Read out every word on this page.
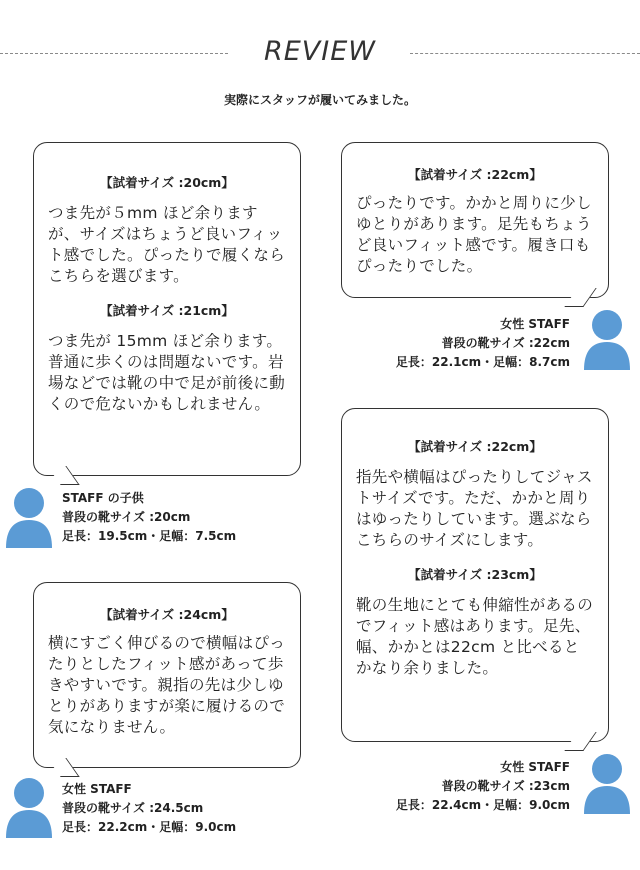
REVIEW
実際にスタッフが履いてみました。

【試着サイズ :20cm】

つま先が５mm ほど余りますが、サイズはちょうど良いフィット感でした。ぴったりで履くならこちらを選びます。

【試着サイズ :21cm】

つま先が 15mm ほど余ります。普通に歩くのは問題ないです。岩場などでは靴の中で足が前後に動くので危ないかもしれません。

STAFF の子供
普段の靴サイズ :20cm
足長：19.5cm・足幅：7.5cm

【試着サイズ :22cm】

ぴったりです。かかと周りに少しゆとりがあります。足先もちょうど良いフィット感です。履き口もぴったりでした。

女性 STAFF
普段の靴サイズ :22cm
足長：22.1cm・足幅：8.7cm

【試着サイズ :22cm】

指先や横幅はぴったりしてジャストサイズです。ただ、かかと周りはゆったりしています。選ぶならこちらのサイズにします。

【試着サイズ :23cm】

靴の生地にとても伸縮性があるのでフィット感はあります。足先、幅、かかとは22cm と比べるとかなり余りました。

女性 STAFF
普段の靴サイズ :23cm
足長：22.4cm・足幅：9.0cm

【試着サイズ :24cm】

横にすごく伸びるので横幅はぴったりとしたフィット感があって歩きやすいです。親指の先は少しゆとりがありますが楽に履けるので気になりません。

女性 STAFF
普段の靴サイズ :24.5cm
足長：22.2cm・足幅：9.0cm
